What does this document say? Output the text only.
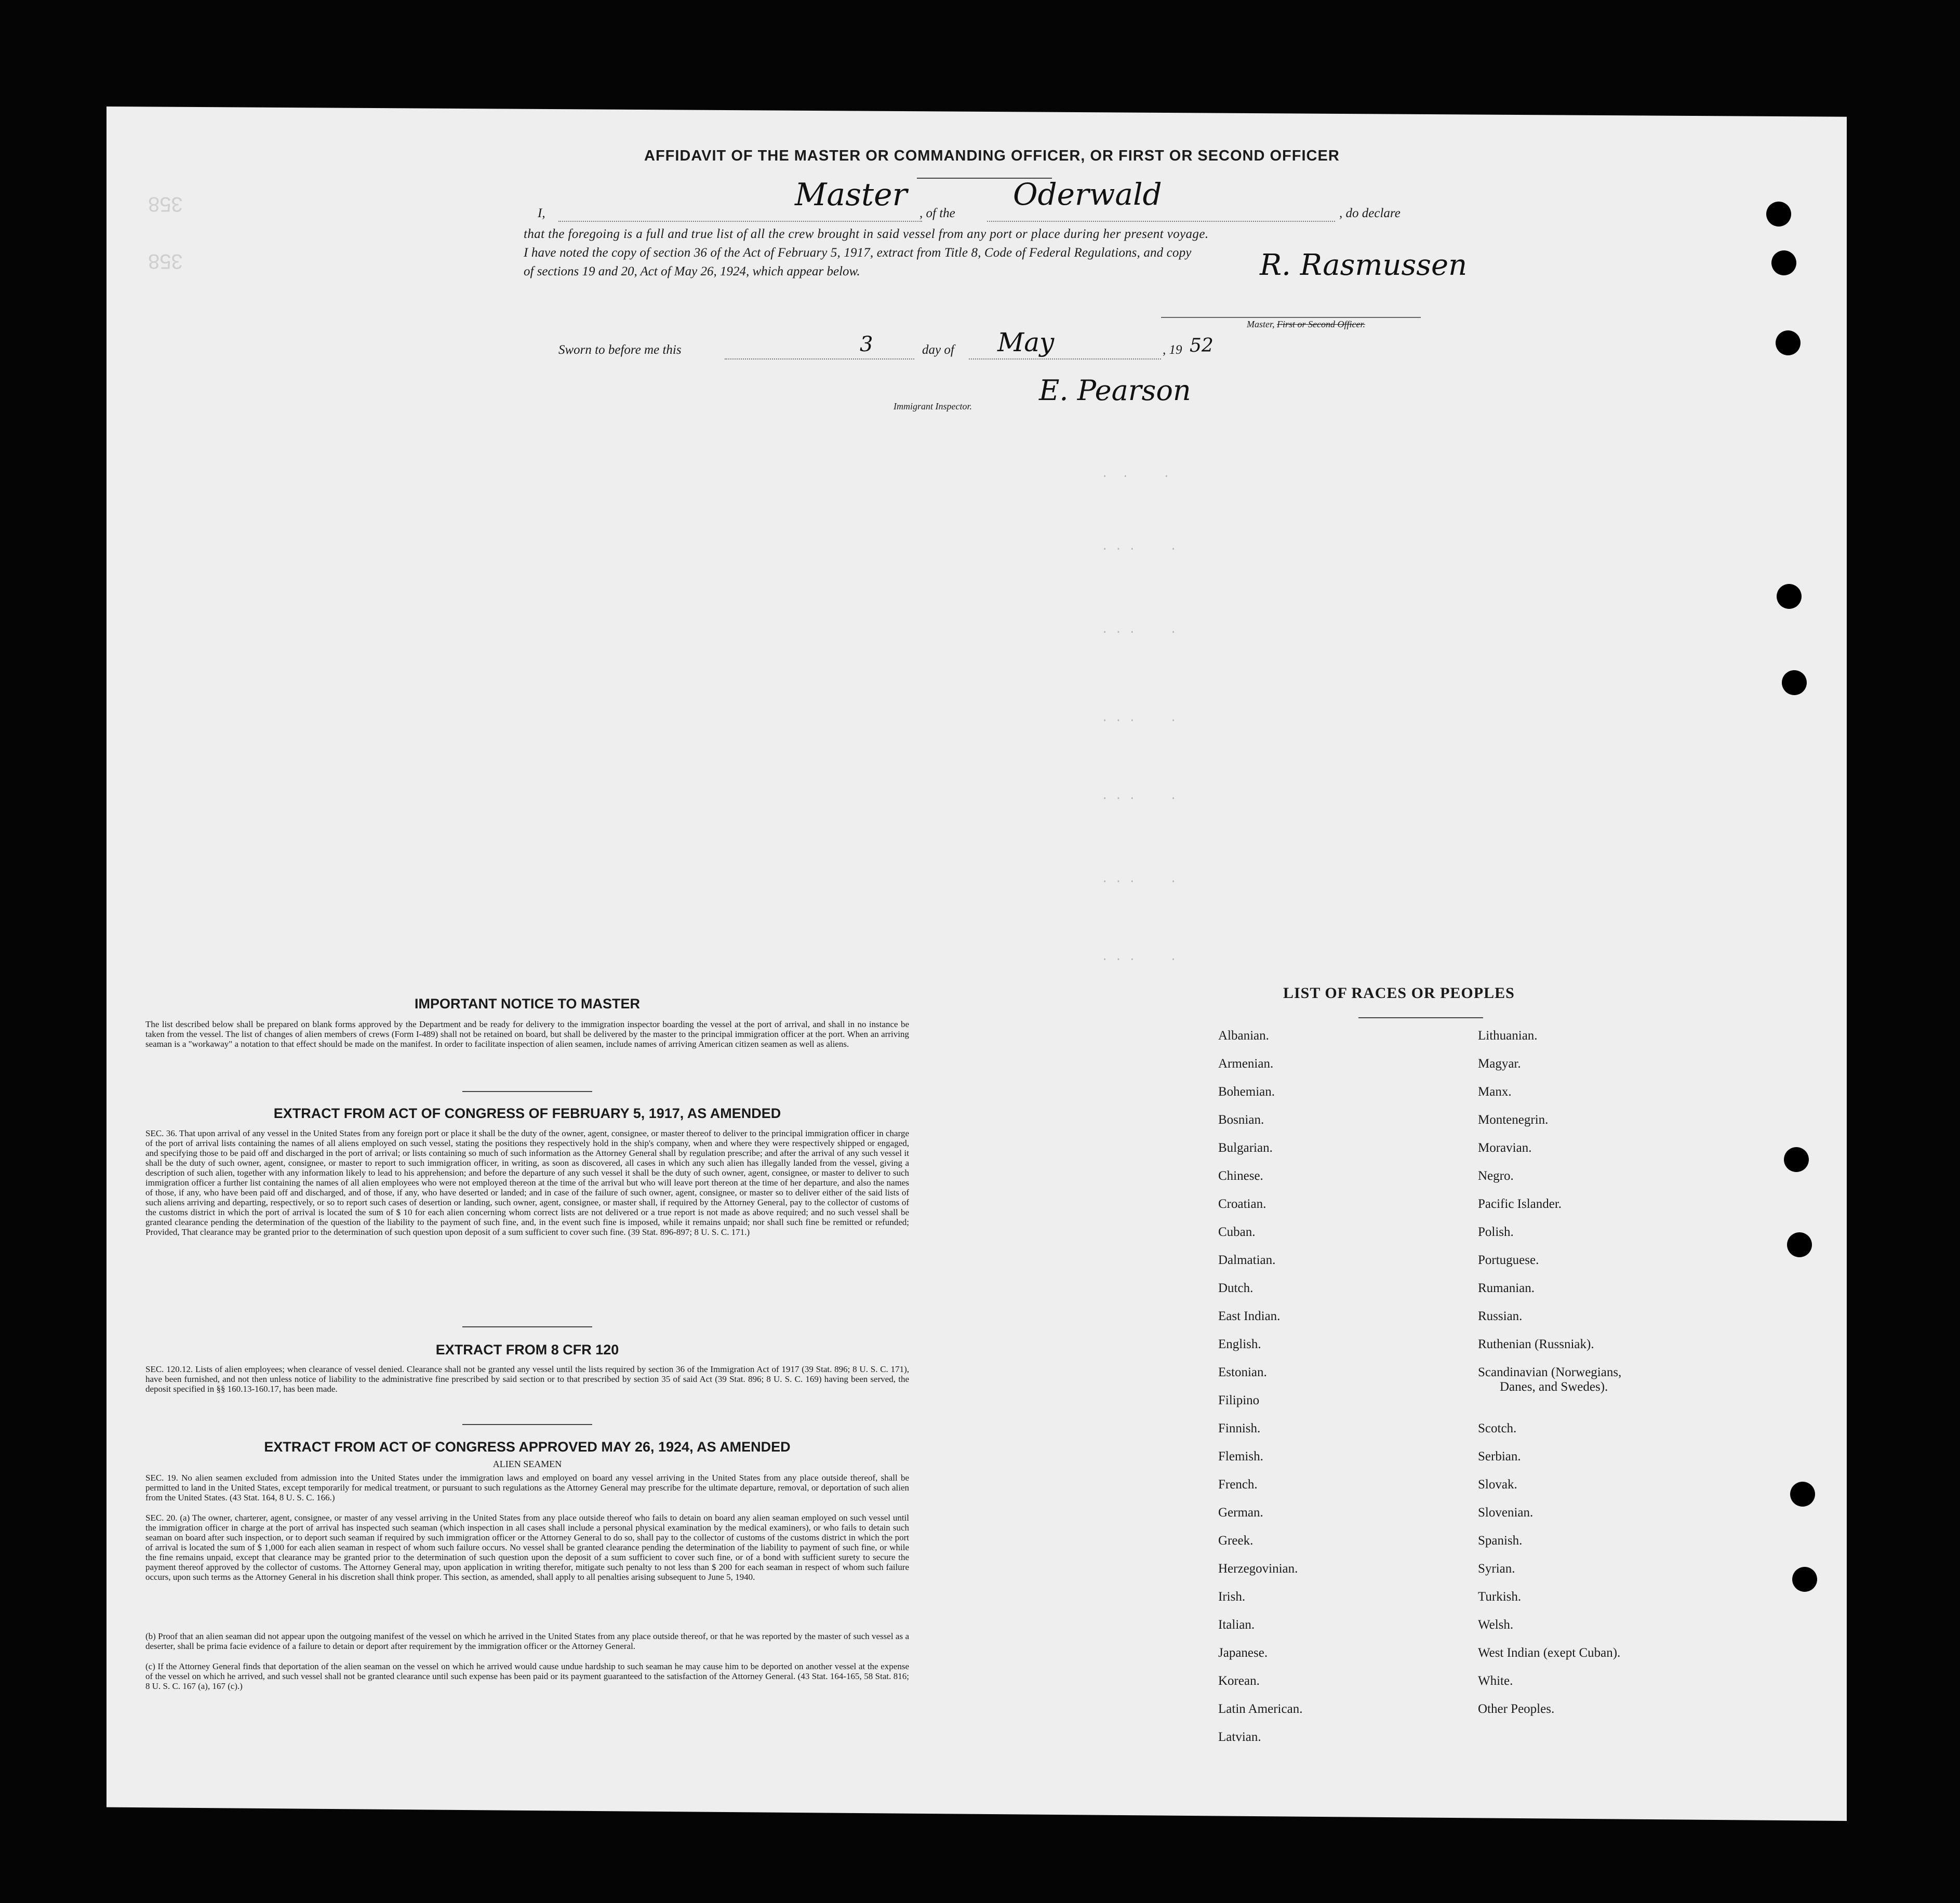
358
358
AFFIDAVIT OF THE MASTER OR COMMANDING OFFICER, OR FIRST OR SECOND OFFICER
I,
Master
, of the
Oderwald
, do declare
that the foregoing is a full and true list of all the crew brought in said vessel from any port or place during her present voyage.
I have noted the copy of section 36 of the Act of February 5, 1917, extract from Title 8, Code of Federal Regulations, and copy
of sections 19 and 20, Act of May 26, 1924, which appear below.	R. Rasmussen
Master, First or Second Officer.
Sworn to before me this	3	day of May	, 19 52
E. Pearson
Immigrant Inspector.
.  .     .
. . .     .
. . .     .
. . .     .
. . .     .
. . .     .
. . .     .
IMPORTANT NOTICE TO MASTER
The list described below shall be prepared on blank forms approved by the Department and be ready for delivery to the immigration inspector boarding the vessel at the port of arrival, and shall in no instance be taken from the vessel. The list of changes of alien members of crews (Form I-489) shall not be retained on board, but shall be delivered by the master to the principal immigration officer at the port. When an arriving seaman is a "workaway" a notation to that effect should be made on the manifest. In order to facilitate inspection of alien seamen, include names of arriving American citizen seamen as well as aliens.
EXTRACT FROM ACT OF CONGRESS OF FEBRUARY 5, 1917, AS AMENDED
SEC. 36. That upon arrival of any vessel in the United States from any foreign port or place it shall be the duty of the owner, agent, consignee, or master thereof to deliver to the principal immigration officer in charge of the port of arrival lists containing the names of all aliens employed on such vessel, stating the positions they respectively hold in the ship's company, when and where they were respectively shipped or engaged, and specifying those to be paid off and discharged in the port of arrival; or lists containing so much of such information as the Attorney General shall by regulation prescribe; and after the arrival of any such vessel it shall be the duty of such owner, agent, consignee, or master to report to such immigration officer, in writing, as soon as discovered, all cases in which any such alien has illegally landed from the vessel, giving a description of such alien, together with any information likely to lead to his apprehension; and before the departure of any such vessel it shall be the duty of such owner, agent, consignee, or master to deliver to such immigration officer a further list containing the names of all alien employees who were not employed thereon at the time of the arrival but who will leave port thereon at the time of her departure, and also the names of those, if any, who have been paid off and discharged, and of those, if any, who have deserted or landed; and in case of the failure of such owner, agent, consignee, or master so to deliver either of the said lists of such aliens arriving and departing, respectively, or so to report such cases of desertion or landing, such owner, agent, consignee, or master shall, if required by the Attorney General, pay to the collector of customs of the customs district in which the port of arrival is located the sum of $ 10 for each alien concerning whom correct lists are not delivered or a true report is not made as above required; and no such vessel shall be granted clearance pending the determination of the question of the liability to the payment of such fine, and, in the event such fine is imposed, while it remains unpaid; nor shall such fine be remitted or refunded; Provided, That clearance may be granted prior to the determination of such question upon deposit of a sum sufficient to cover such fine. (39 Stat. 896-897; 8 U. S. C. 171.)
EXTRACT FROM 8 CFR 120
SEC. 120.12. Lists of alien employees; when clearance of vessel denied. Clearance shall not be granted any vessel until the lists required by section 36 of the Immigration Act of 1917 (39 Stat. 896; 8 U. S. C. 171), have been furnished, and not then unless notice of liability to the administrative fine prescribed by said section or to that prescribed by section 35 of said Act (39 Stat. 896; 8 U. S. C. 169) having been served, the deposit specified in §§ 160.13-160.17, has been made.
EXTRACT FROM ACT OF CONGRESS APPROVED MAY 26, 1924, AS AMENDED
ALIEN SEAMEN
SEC. 19. No alien seamen excluded from admission into the United States under the immigration laws and employed on board any vessel arriving in the United States from any place outside thereof, shall be permitted to land in the United States, except temporarily for medical treatment, or pursuant to such regulations as the Attorney General may prescribe for the ultimate departure, removal, or deportation of such alien from the United States. (43 Stat. 164, 8 U. S. C. 166.)
SEC. 20. (a) The owner, charterer, agent, consignee, or master of any vessel arriving in the United States from any place outside thereof who fails to detain on board any alien seaman employed on such vessel until the immigration officer in charge at the port of arrival has inspected such seaman (which inspection in all cases shall include a personal physical examination by the medical examiners), or who fails to detain such seaman on board after such inspection, or to deport such seaman if required by such immigration officer or the Attorney General to do so, shall pay to the collector of customs of the customs district in which the port of arrival is located the sum of $ 1,000 for each alien seaman in respect of whom such failure occurs. No vessel shall be granted clearance pending the determination of the liability to payment of such fine, or while the fine remains unpaid, except that clearance may be granted prior to the determination of such question upon the deposit of a sum sufficient to cover such fine, or of a bond with sufficient surety to secure the payment thereof approved by the collector of customs. The Attorney General may, upon application in writing therefor, mitigate such penalty to not less than $ 200 for each seaman in respect of whom such failure occurs, upon such terms as the Attorney General in his discretion shall think proper. This section, as amended, shall apply to all penalties arising subsequent to June 5, 1940.
(b) Proof that an alien seaman did not appear upon the outgoing manifest of the vessel on which he arrived in the United States from any place outside thereof, or that he was reported by the master of such vessel as a deserter, shall be prima facie evidence of a failure to detain or deport after requirement by the immigration officer or the Attorney General.
(c) If the Attorney General finds that deportation of the alien seaman on the vessel on which he arrived would cause undue hardship to such seaman he may cause him to be deported on another vessel at the expense of the vessel on which he arrived, and such vessel shall not be granted clearance until such expense has been paid or its payment guaranteed to the satisfaction of the Attorney General. (43 Stat. 164-165, 58 Stat. 816; 8 U. S. C. 167 (a), 167 (c).)
LIST OF RACES OR PEOPLES
Albanian.
Armenian.
Bohemian.
Bosnian.
Bulgarian.
Chinese.
Croatian.
Cuban.
Dalmatian.
Dutch.
East Indian.
English.
Estonian.
Filipino
Finnish.
Flemish.
French.
German.
Greek.
Herzegovinian.
Irish.
Italian.
Japanese.
Korean.
Latin American.
Latvian.
Lithuanian.
Magyar.
Manx.
Montenegrin.
Moravian.
Negro.
Pacific Islander.
Polish.
Portuguese.
Rumanian.
Russian.
Ruthenian (Russniak).
Scandinavian (Norwegians,
Danes, and Swedes).
Scotch.
Serbian.
Slovak.
Slovenian.
Spanish.
Syrian.
Turkish.
Welsh.
West Indian (exept Cuban).
White.
Other Peoples.
